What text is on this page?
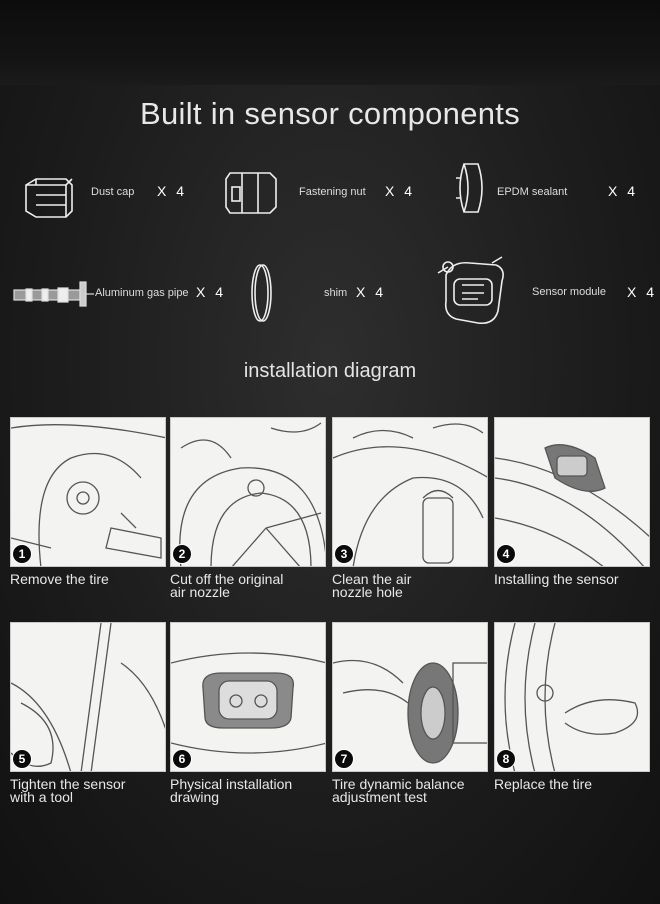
Built in sensor components
Dust cap X 4	Fastening nut X 4	EPDM sealant	X 4
Aluminum gas pipe X 4	shim X 4	Sensor module X 4
installation diagram
1
Remove the tire
2
Cut off the original
air nozzle
3
Clean the air
nozzle hole
4
Installing the sensor
5
Tighten the sensor
with a tool
6
Physical installation
drawing
7
Tire dynamic balance
adjustment test
8
Replace the tire
